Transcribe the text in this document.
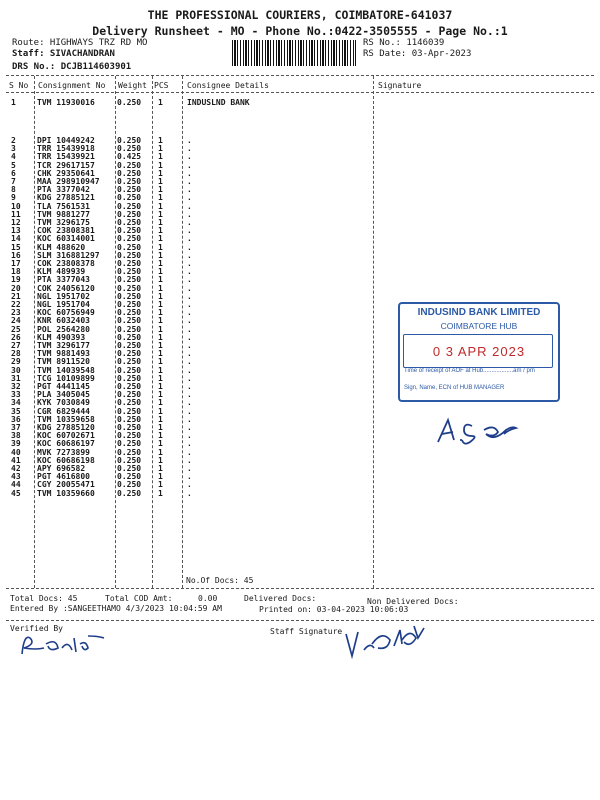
THE PROFESSIONAL COURIERS, COIMBATORE-641037
Delivery Runsheet - MO - Phone No.:0422-3505555 - Page No.:1
Route: HIGHWAYS TRZ RD MO
Staff: SIVACHANDRAN
DRS No.: DCJB114603901
RS No.: 1146039
RS Date: 03-Apr-2023
S No Consignment No Weight PCS Consignee Details	Signature
1	TVM 11930016	0.250 1	INDUSLND BANK
2	DPI 10449242	0.250 1	.
3	TRR 15439918	0.250 1	.
4	TRR 15439921	0.425 1	.
5	TCR 29617157	0.250 1	.
6	CHK 29350641	0.250 1	.
7	MAA 298910947 0.250 1	.
8	PTA 3377042	0.250 1	.
9	KDG 27885121	0.250 1	.
10 TLA 7561531	0.250 1	.
11 TVM 9881277	0.250 1	.
12 TVM 3296175	0.250 1	.
13 COK 23808381	0.250 1	.
14 KOC 60314001	0.250 1	.
15 KLM 488620	0.250 1	.
16 SLM 316881297 0.250 1	.
17 COK 23808378	0.250 1	.
18 KLM 489939	0.250 1	.
19 PTA 3377043	0.250 1	.
20 COK 24056120	0.250 1	.
21 NGL 1951702	0.250 1	.
22 NGL 1951704	0.250 1	.
23 KOC 60756949	0.250 1	.
24 KNR 6032403	0.250 1	.
25 POL 2564280	0.250 1	.
26 KLM 490393	0.250 1	.
27 TVM 3296177	0.250 1	.
28 TVM 9881493	0.250 1	.
29 TVM 8911520	0.250 1	.
30 TVM 14039548	0.250 1	.
31 TCG 10109899	0.250 1	.
32 PGT 4441145	0.250 1	.
33 PLA 3405045	0.250 1	.
34 KYK 7030849	0.250 1	.
35 CGR 6829444	0.250 1	.
36 TVM 10359658	0.250 1	.
37 KDG 27885120	0.250 1	.
38 KOC 60702671	0.250 1	.
39 KOC 60686197	0.250 1	.
40 MVK 7273899	0.250 1	.
41 KOC 60686198	0.250 1	.
42 APY 696582	0.250 1	.
43 PGT 4616800	0.250 1	.
44 CGY 20055471	0.250 1	.
45 TVM 10359660	0.250 1	.
No.Of Docs: 45
INDUSIND BANK LIMITED
COIMBATORE HUB
0 3 APR 2023
Time of receipt of AOF at Hub..................am / pm
Sign, Name, ECN of HUB MANAGER
Total Docs: 45	Total COD Amt:	0.00	Delivered Docs:	Non Delivered Docs:
Entered By :SANGEETHAMO 4/3/2023 10:04:59 AM	Printed on: 03-04-2023 10:06:03
Verified By	Staff Signature
